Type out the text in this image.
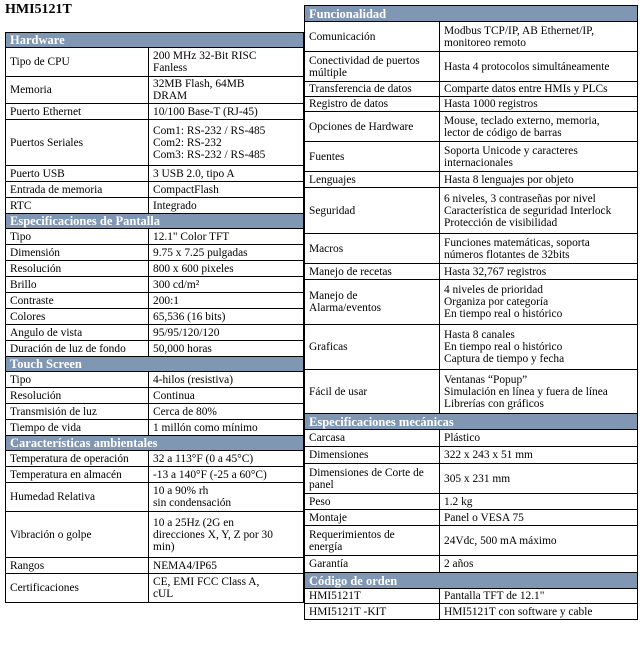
HMI5121T
Hardware	
Tipo de CPU	200 MHz 32-Bit RISC
Fanless
Memoria	32MB Flash, 64MB
DRAM
Puerto Ethernet	10/100 Base-T (RJ-45)
Puertos Seriales	Com1: RS-232 / RS-485
Com2: RS-232
Com3: RS-232 / RS-485
Puerto USB	3 USB 2.0, tipo A
Entrada de memoria	CompactFlash
RTC	Integrado
Especificaciones de Pantalla	
Tipo	12.1" Color TFT
Dimensión	9.75 x 7.25 pulgadas
Resolución	800 x 600 pixeles
Brillo	300 cd/m²
Contraste	200:1
Colores	65,536 (16 bits)
Angulo de vista	95/95/120/120
Duración de luz de fondo	50,000 horas
Touch Screen	
Tipo	4-hilos (resistiva)
Resolución	Continua
Transmisión de luz	Cerca de 80%
Tiempo de vida	1 millón como mínimo
Características ambientales	
Temperatura de operación	32 a 113°F (0 a 45°C)
Temperatura en almacén	-13 a 140°F (-25 a 60°C)
Humedad Relativa	10 a 90% rh
sin condensación
Vibración o golpe	10 a 25Hz (2G en
direcciones X, Y, Z por 30
min)
Rangos	NEMA4/IP65
Certificaciones	CE, EMI FCC Class A,
cUL
Funcionalidad	
Comunicación	Modbus TCP/IP, AB Ethernet/IP,
monitoreo remoto
Conectividad de puertos
múltiple	Hasta 4 protocolos simultáneamente
Transferencia de datos	Comparte datos entre HMIs y PLCs
Registro de datos	Hasta 1000 registros
Opciones de Hardware	Mouse, teclado externo, memoria,
lector de código de barras
Fuentes	Soporta Unicode y caracteres
internacionales
Lenguajes	Hasta 8 lenguajes por objeto
Seguridad	6 niveles, 3 contraseñas por nivel
Característica de seguridad Interlock
Protección de visibilidad
Macros	Funciones matemáticas, soporta
números flotantes de 32bits
Manejo de recetas	Hasta 32,767 registros
Manejo de
Alarma/eventos	4 niveles de prioridad
Organiza por categoría
En tiempo real o histórico
Graficas	Hasta 8 canales
En tiempo real o histórico
Captura de tiempo y fecha
Fácil de usar	Ventanas “Popup”
Simulación en línea y fuera de línea
Librerías con gráficos
Especificaciones mecánicas	
Carcasa	Plástico
Dimensiones	322 x 243 x 51 mm
Dimensiones de Corte de
panel	305 x 231 mm
Peso	1.2 kg
Montaje	Panel o VESA 75
Requerimientos de
energía	24Vdc, 500 mA máximo
Garantía	2 años
Código de orden	
HMI5121T	Pantalla TFT de 12.1"
HMI5121T -KIT	HMI5121T con software y cable
